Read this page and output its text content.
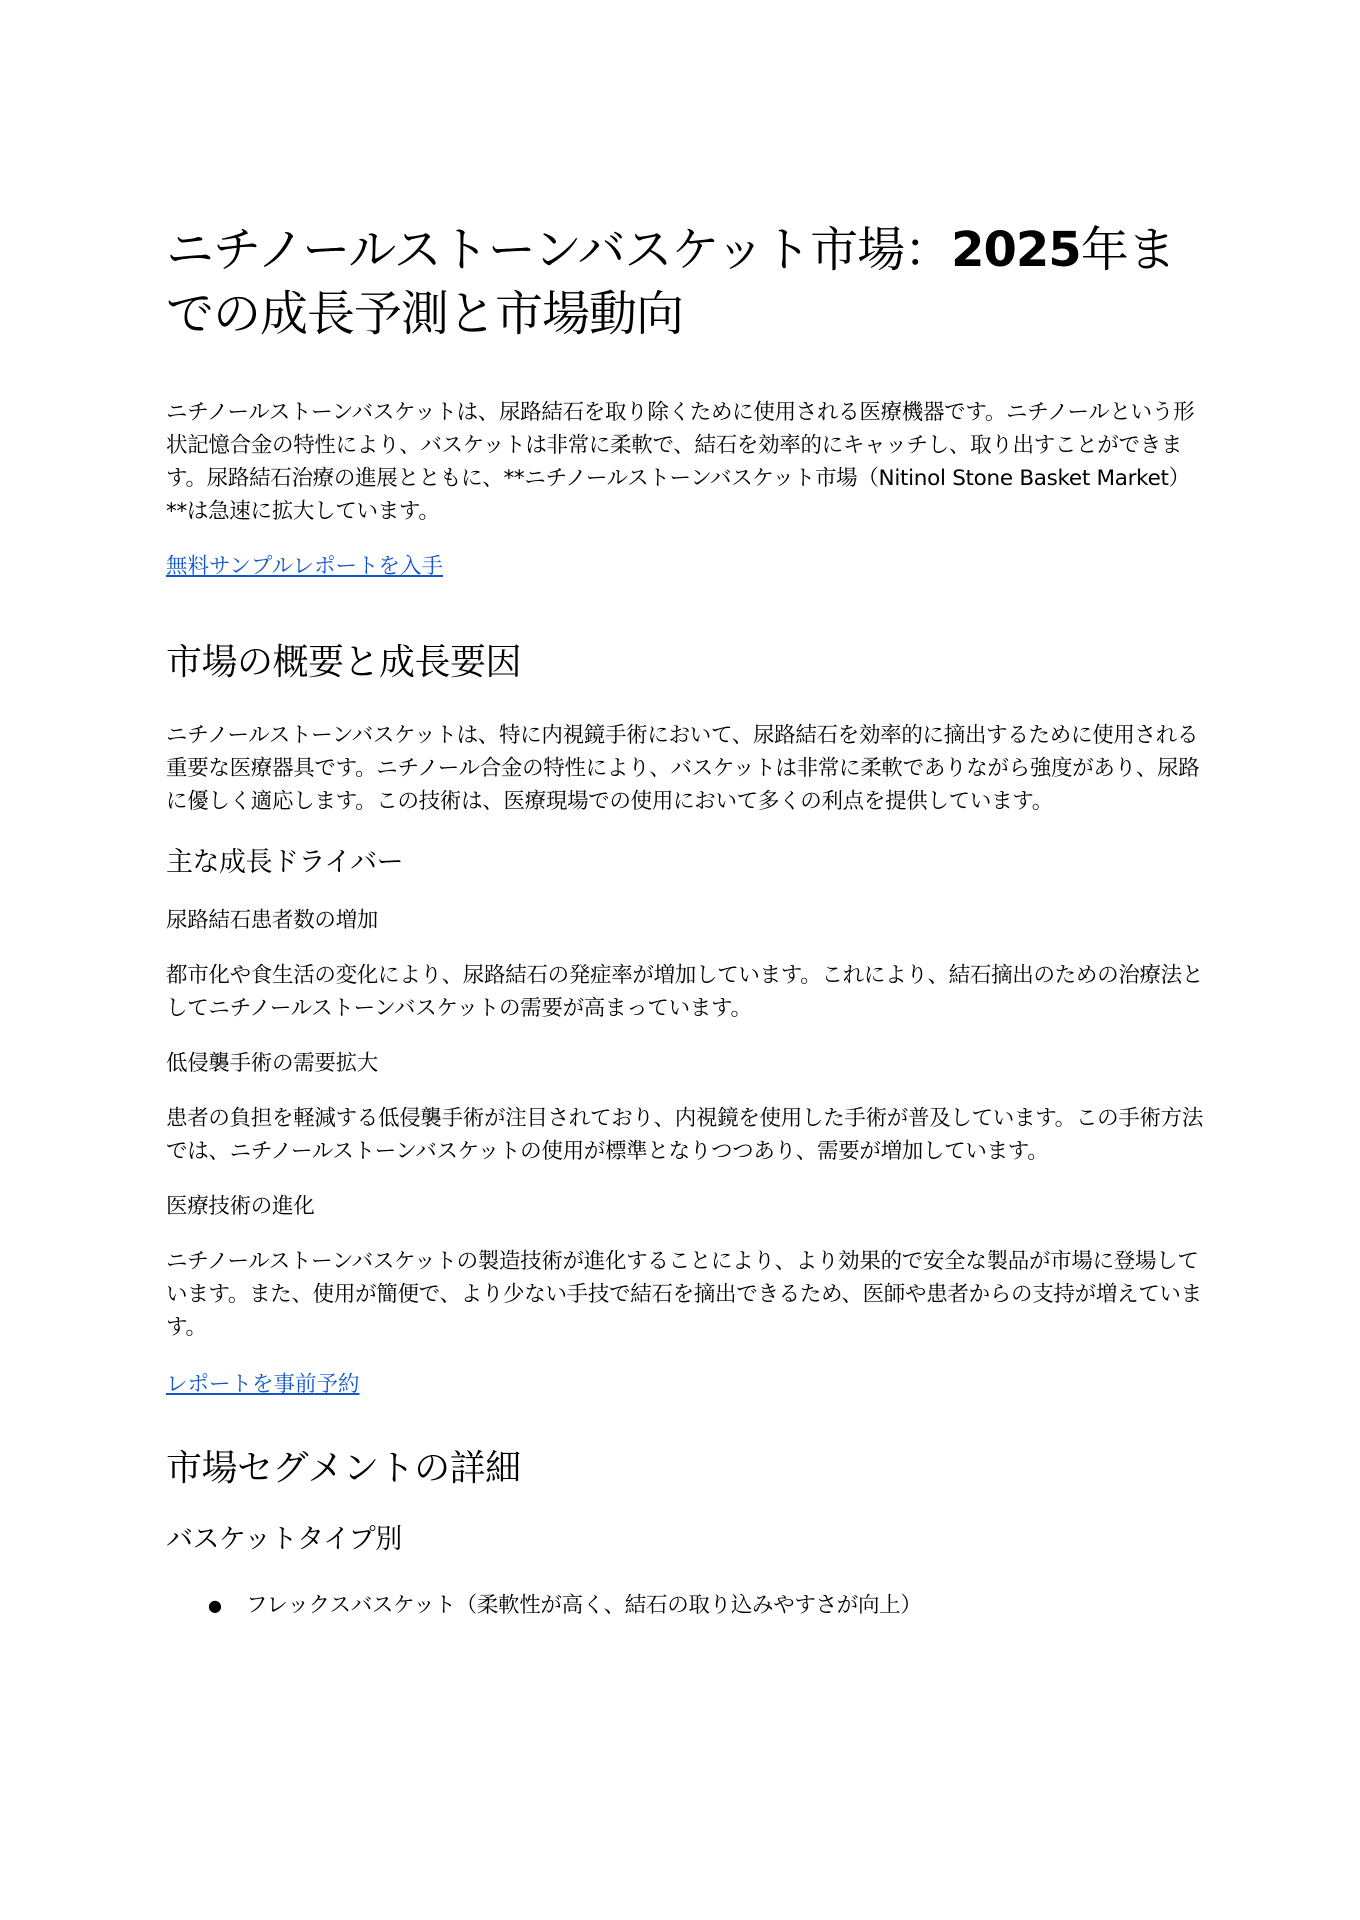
ニチノールストーンバスケット市場：2025年までの成長予測と市場動向

ニチノールストーンバスケットは、尿路結石を取り除くために使用される医療機器です。ニチノールという形状記憶合金の特性により、バスケットは非常に柔軟で、結石を効率的にキャッチし、取り出すことができます。尿路結石治療の進展とともに、**ニチノールストーンバスケット市場（Nitinol Stone Basket Market）**は急速に拡大しています。

無料サンプルレポートを入手
市場の概要と成長要因

ニチノールストーンバスケットは、特に内視鏡手術において、尿路結石を効率的に摘出するために使用される重要な医療器具です。ニチノール合金の特性により、バスケットは非常に柔軟でありながら強度があり、尿路に優しく適応します。この技術は、医療現場での使用において多くの利点を提供しています。

主な成長ドライバー

尿路結石患者数の増加

都市化や食生活の変化により、尿路結石の発症率が増加しています。これにより、結石摘出のための治療法としてニチノールストーンバスケットの需要が高まっています。

低侵襲手術の需要拡大

患者の負担を軽減する低侵襲手術が注目されており、内視鏡を使用した手術が普及しています。この手術方法では、ニチノールストーンバスケットの使用が標準となりつつあり、需要が増加しています。

医療技術の進化

ニチノールストーンバスケットの製造技術が進化することにより、より効果的で安全な製品が市場に登場しています。また、使用が簡便で、より少ない手技で結石を摘出できるため、医師や患者からの支持が増えています。

レポートを事前予約
市場セグメントの詳細
バスケットタイプ別
● フレックスバスケット（柔軟性が高く、結石の取り込みやすさが向上）
